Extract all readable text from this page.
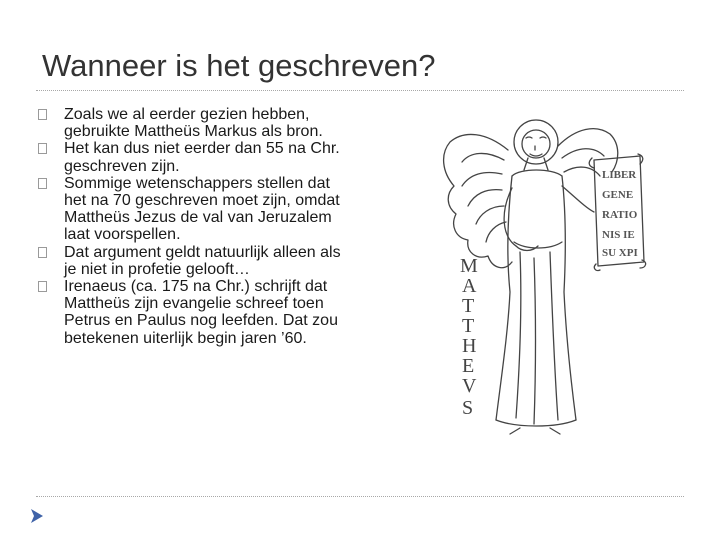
Wanneer is het geschreven?
Zoals we al eerder gezien hebben, gebruikte Mattheüs Markus als bron.
Het kan dus niet eerder dan 55 na Chr. geschreven zijn.
Sommige wetenschappers stellen dat het na 70 geschreven moet zijn, omdat Mattheüs Jezus de val van Jeruzalem laat voorspellen.
Dat argument geldt natuurlijk alleen als je niet in profetie gelooft…
Irenaeus (ca. 175 na Chr.) schrijft dat Mattheüs zijn evangelie schreef toen Petrus en Paulus nog leefden. Dat zou betekenen uiterlijk begin jaren ’60.
LIBER
GENE
RATIO
NIS IE
SU XPI
M
A
T
T
H
E
V
S
